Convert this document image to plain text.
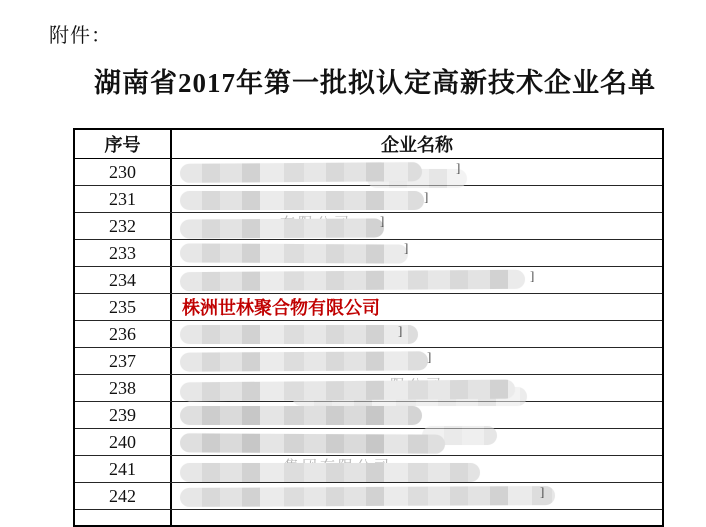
附件：
湖南省2017年第一批拟认定高新技术企业名单
序号	企业名称
230	]
231	]
232	]
233	]
234	]
235	株洲世林聚合物有限公司
236	]
237	]
238
239
240
241
242	]
